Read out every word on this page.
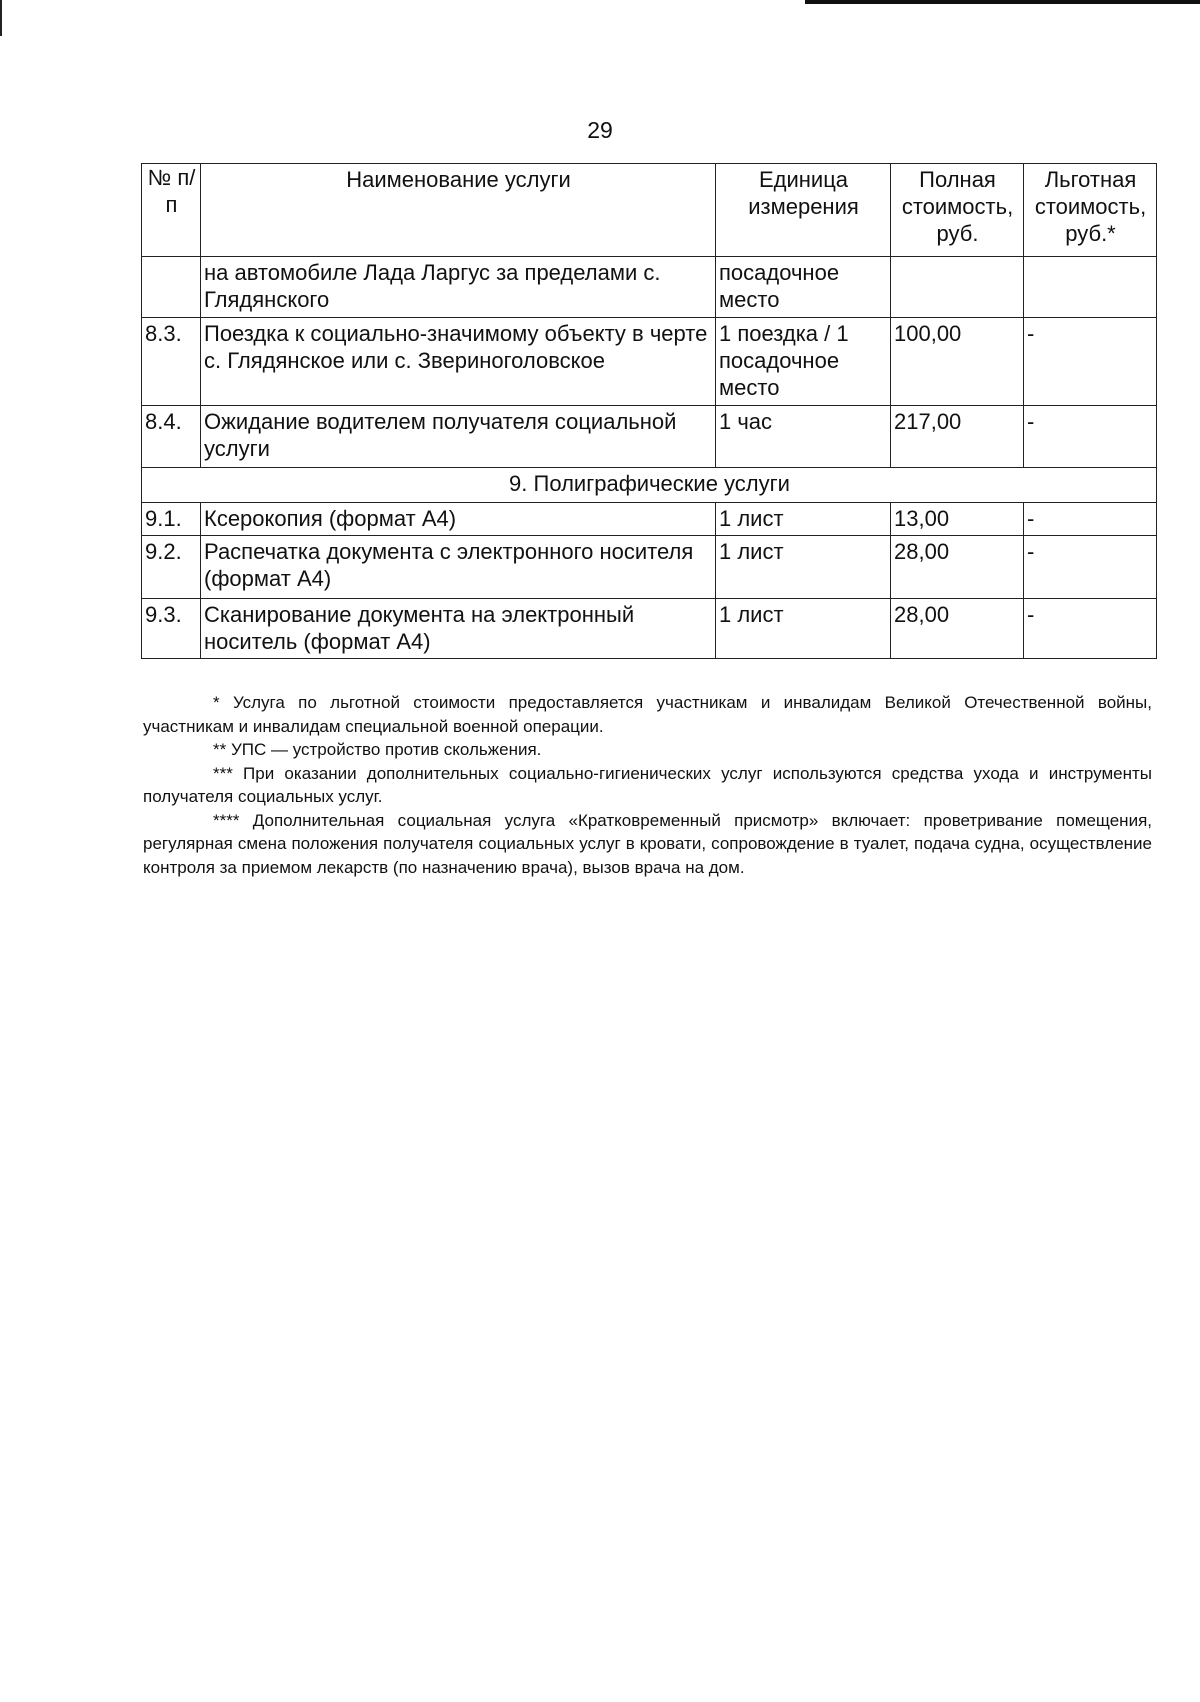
29
№ п/п	Наименование услуги	Единица измерения	Полная стоимость, руб.	Льготная стоимость, руб.*
	на автомобиле Лада Ларгус за пределами с. Глядянского	посадочное место		
8.3.	Поездка к социально-значимому объекту в черте с. Глядянское или с. Звериноголовское	1 поездка / 1 посадочное место	100,00	-
8.4.	Ожидание водителем получателя социальной услуги	1 час	217,00	-
9. Полиграфические услуги				
9.1.	Ксерокопия (формат А4)	1 лист	13,00	-
9.2.	Распечатка документа с электронного носителя (формат А4)	1 лист	28,00	-
9.3.	Сканирование документа на электронный носитель (формат А4)	1 лист	28,00	-

* Услуга по льготной стоимости предоставляется участникам и инвалидам Великой Отечественной войны, участникам и инвалидам специальной военной операции.

** УПС — устройство против скольжения.

*** При оказании дополнительных социально-гигиенических услуг используются средства ухода и инструменты получателя социальных услуг.

**** Дополнительная социальная услуга «Кратковременный присмотр» включает: проветривание помещения, регулярная смена положения получателя социальных услуг в кровати, сопровождение в туалет, подача судна, осуществление контроля за приемом лекарств (по назначению врача), вызов врача на дом.
